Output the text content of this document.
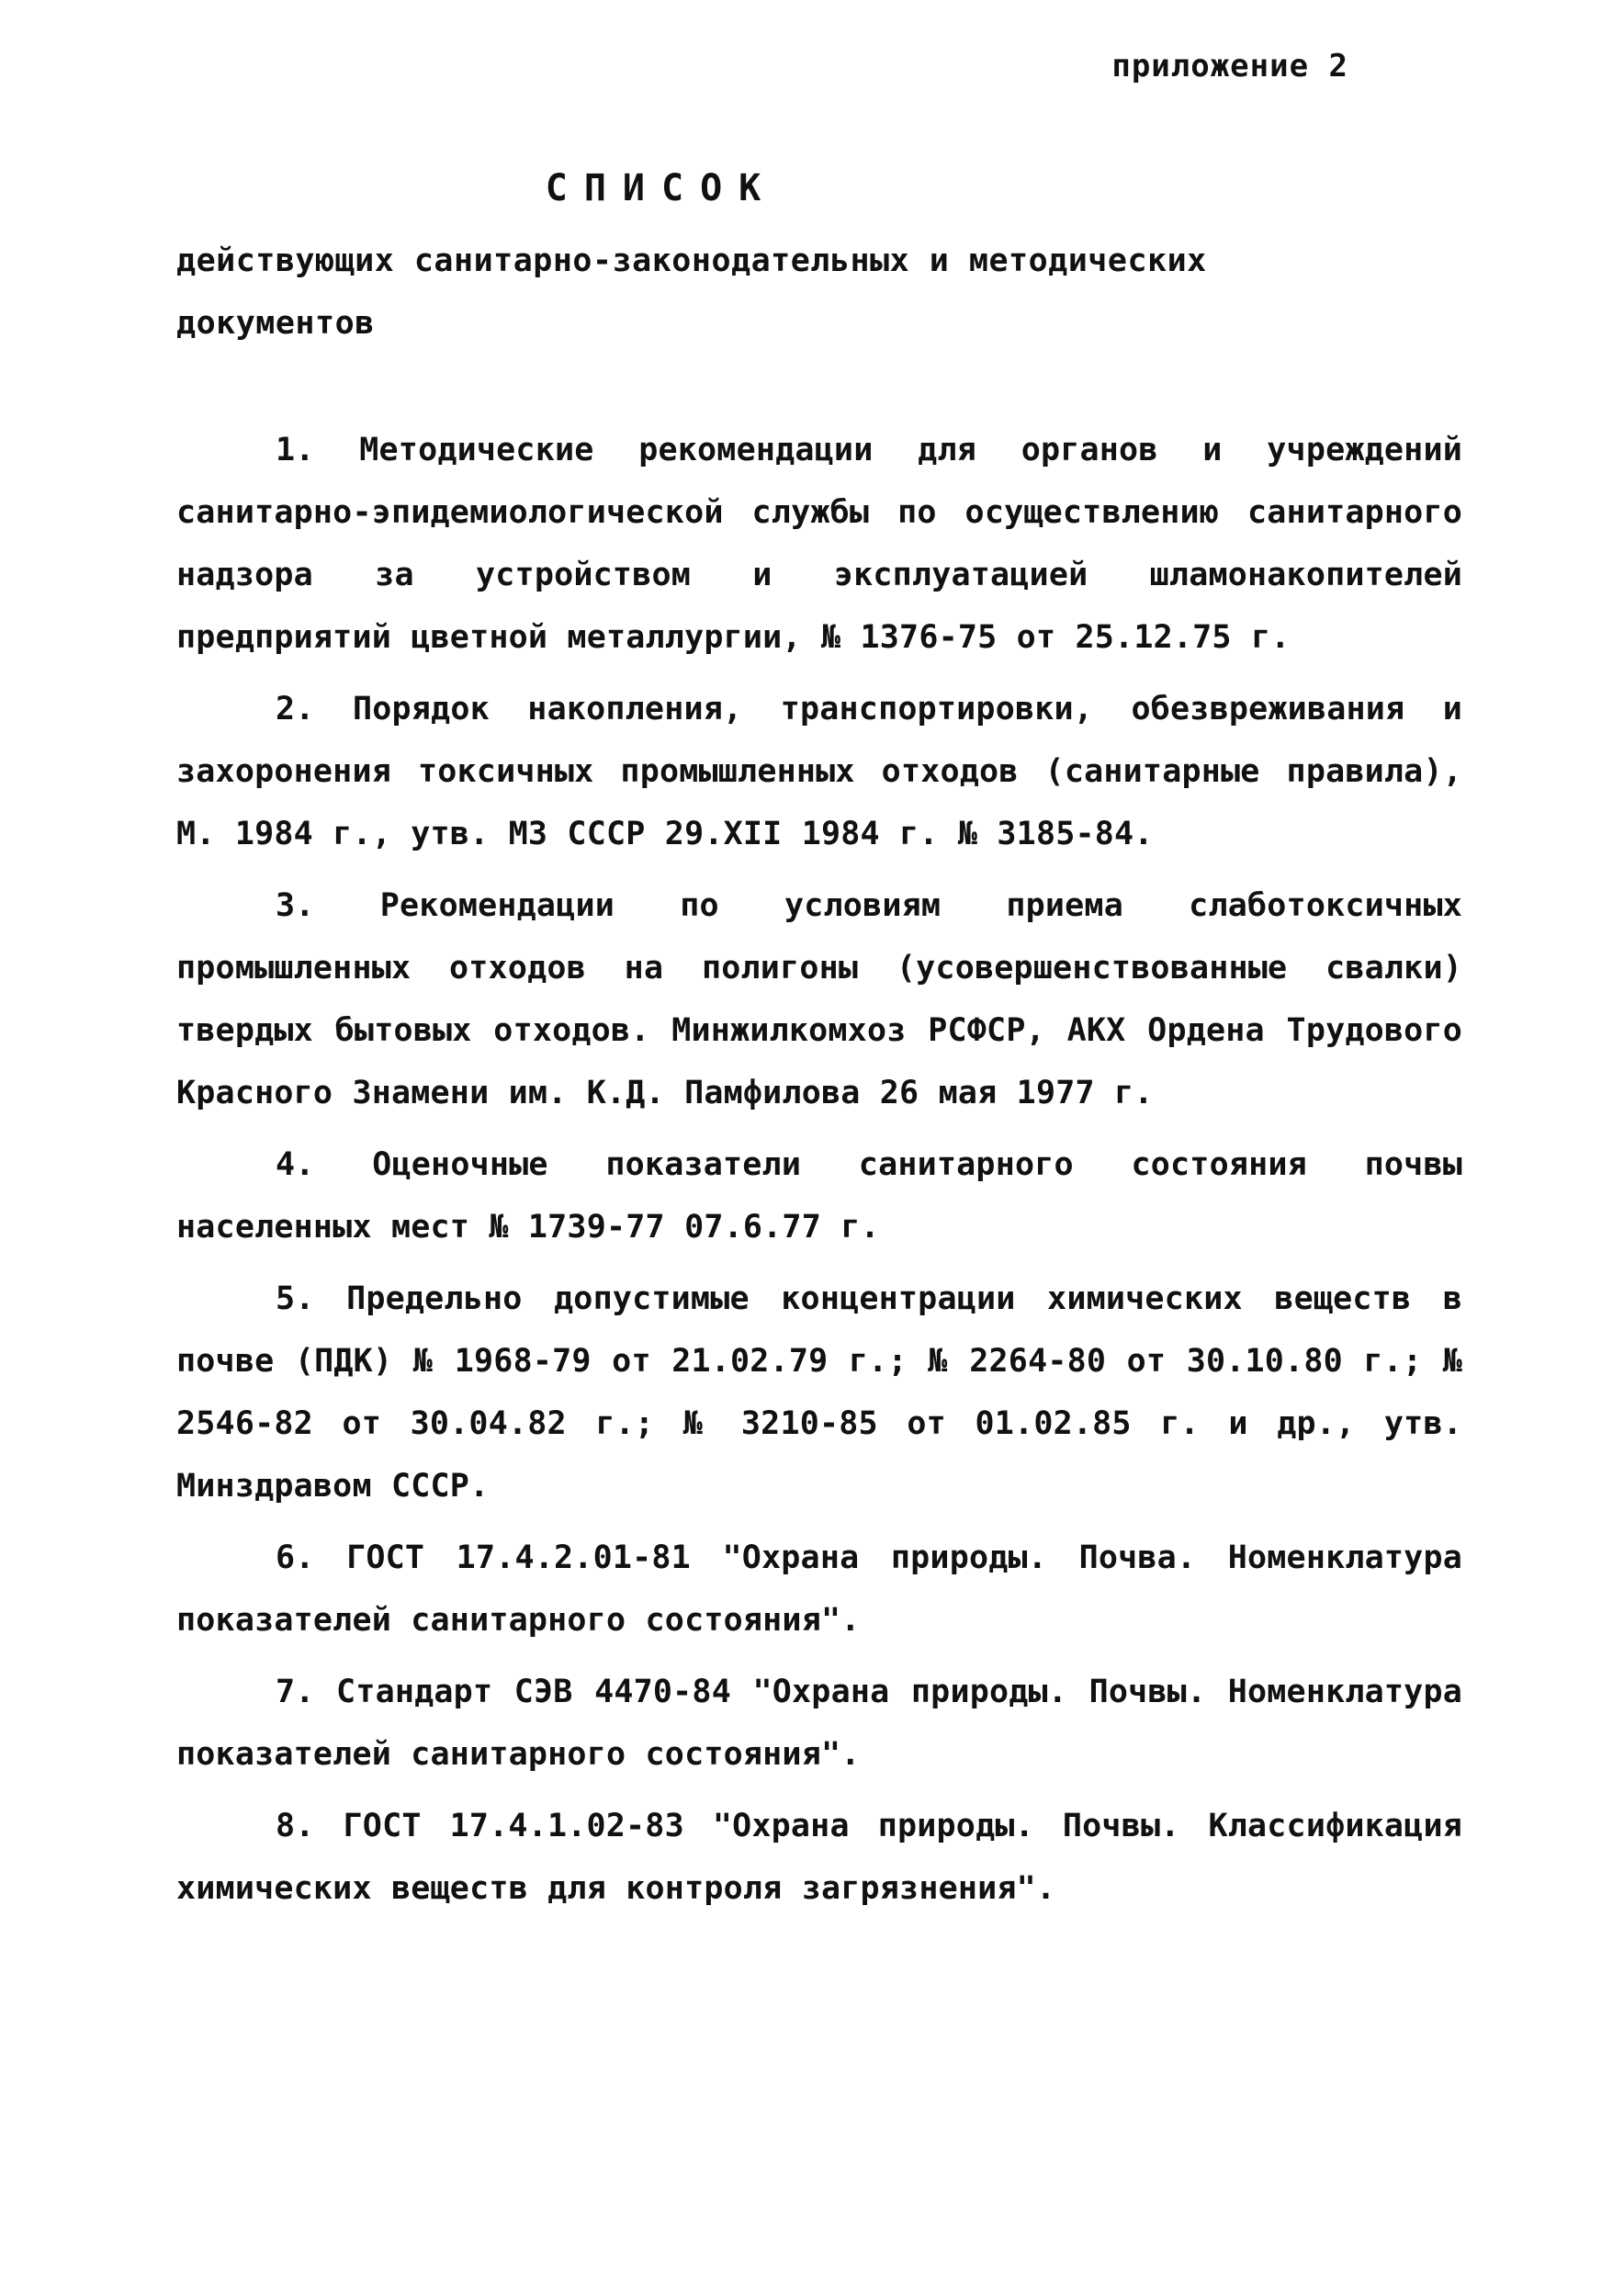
приложение 2
СПИСОК
действующих санитарно-законодательных и методических документов

1. Методические рекомендации для органов и учреждений санитарно-эпидемиологической службы по осуществлению санитарного надзора за устройством и эксплуатацией шламонакопителей предприятий цветной металлургии, № 1376-75 от 25.12.75 г.

2. Порядок накопления, транспортировки, обезвреживания и захоронения токсичных промышленных отходов (санитарные правила), М. 1984 г., утв. МЗ СССР 29.XII 1984 г. № 3185-84.

3. Рекомендации по условиям приема слаботоксичных промышленных отходов на полигоны (усовершенствованные свалки) твердых бытовых отходов. Минжилкомхоз РСФСР, АКХ Ордена Трудового Красного Знамени им. К.Д. Памфилова 26 мая 1977 г.

4. Оценочные показатели санитарного состояния почвы населенных мест № 1739-77 07.6.77 г.

5. Предельно допустимые концентрации химических веществ в почве (ПДК) № 1968-79 от 21.02.79 г.; № 2264-80 от 30.10.80 г.; № 2546-82 от 30.04.82 г.; № 3210-85 от 01.02.85 г. и др., утв. Минздравом СССР.

6. ГОСТ 17.4.2.01-81 "Охрана природы. Почва. Номенклатура показателей санитарного состояния".

7. Стандарт СЭВ 4470-84 "Охрана природы. Почвы. Номенклатура показателей санитарного состояния".

8. ГОСТ 17.4.1.02-83 "Охрана природы. Почвы. Классификация химических веществ для контроля загрязнения".
